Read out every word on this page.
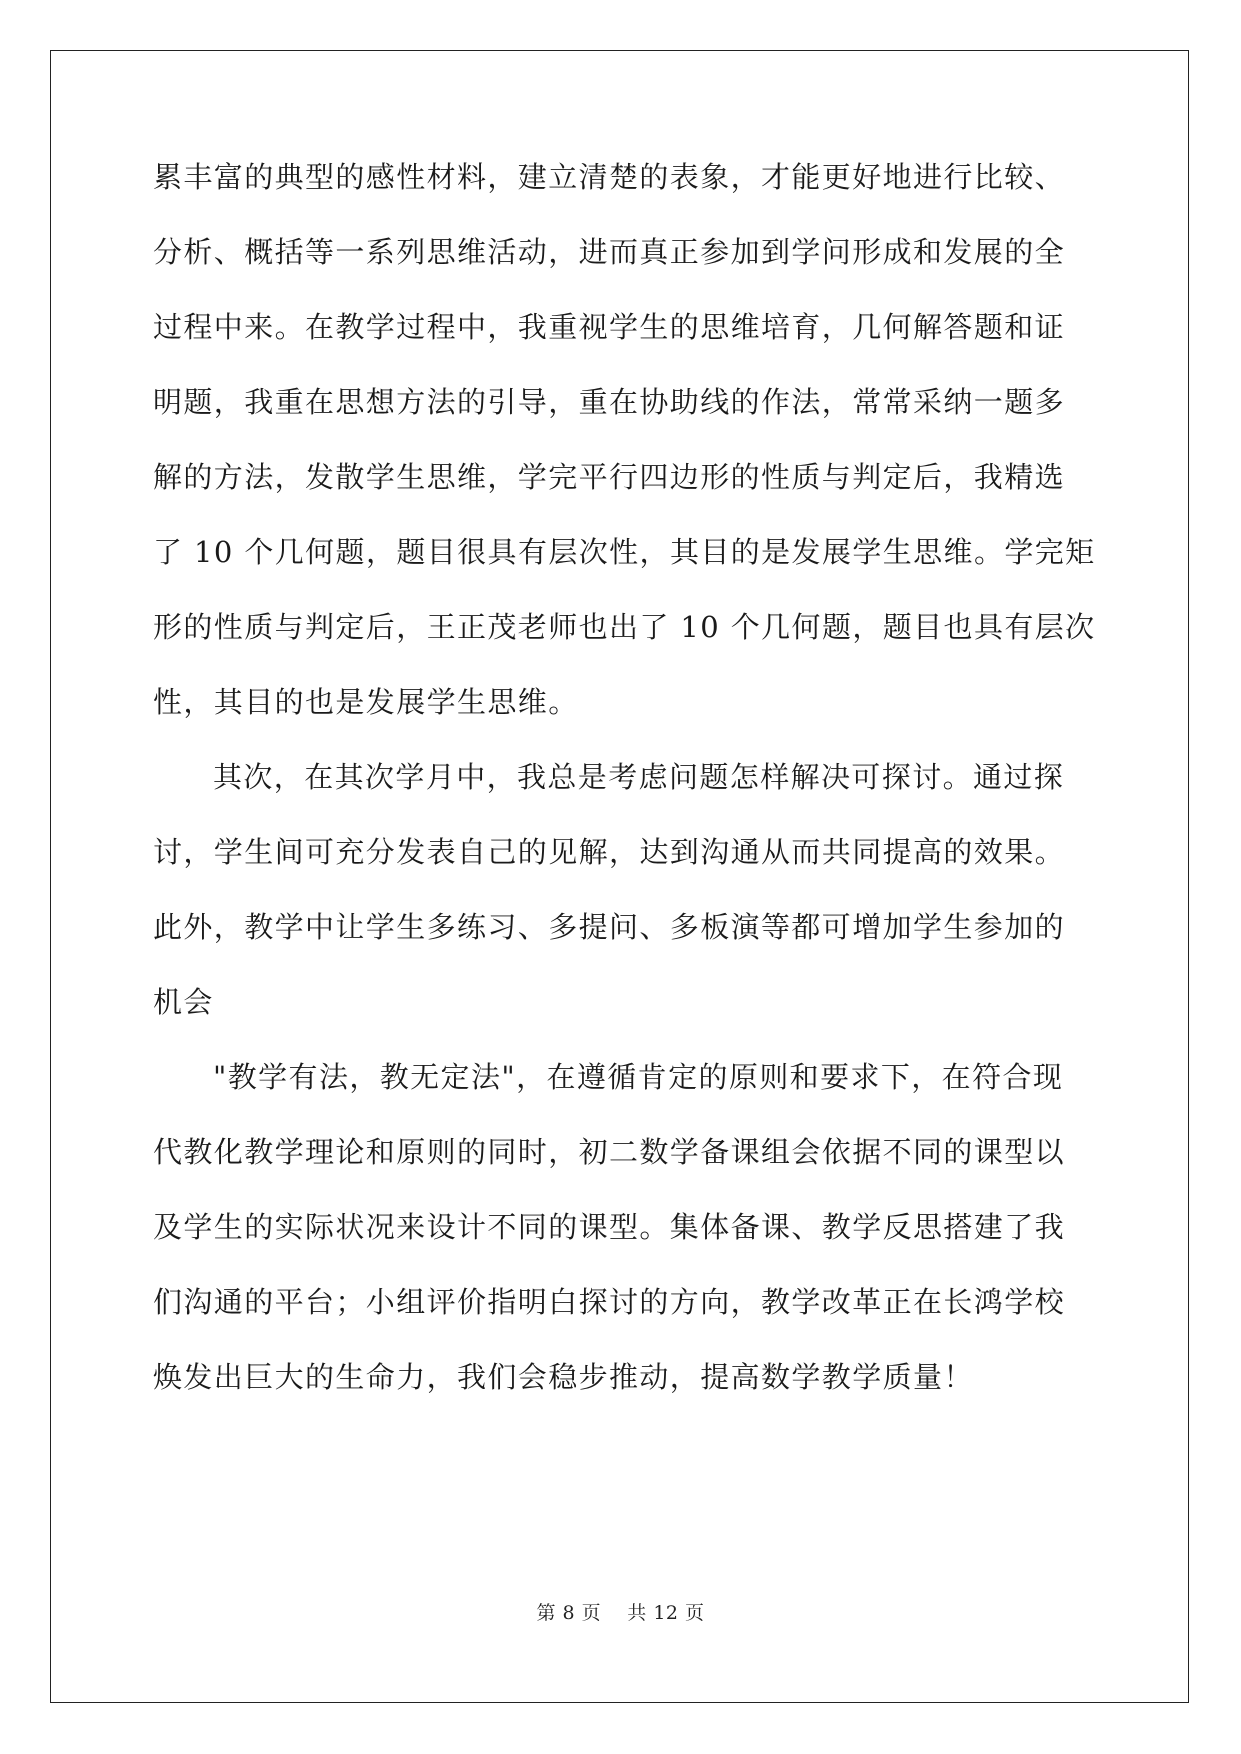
累丰富的典型的感性材料，建立清楚的表象，才能更好地进行比较、
分析、概括等一系列思维活动，进而真正参加到学问形成和发展的全
过程中来。在教学过程中，我重视学生的思维培育，几何解答题和证
明题，我重在思想方法的引导，重在协助线的作法，常常采纳一题多
解的方法，发散学生思维，学完平行四边形的性质与判定后，我精选
了 10 个几何题，题目很具有层次性，其目的是发展学生思维。学完矩
形的性质与判定后，王正茂老师也出了 10 个几何题，题目也具有层次
性，其目的也是发展学生思维。

其次，在其次学月中，我总是考虑问题怎样解决可探讨。通过探
讨，学生间可充分发表自己的见解，达到沟通从而共同提高的效果。
此外，教学中让学生多练习、多提问、多板演等都可增加学生参加的
机会

"教学有法，教无定法"，在遵循肯定的原则和要求下，在符合现
代教化教学理论和原则的同时，初二数学备课组会依据不同的课型以
及学生的实际状况来设计不同的课型。集体备课、教学反思搭建了我
们沟通的平台；小组评价指明白探讨的方向，教学改革正在长鸿学校
焕发出巨大的生命力，我们会稳步推动，提高数学教学质量！

第 8 页    共 12 页
